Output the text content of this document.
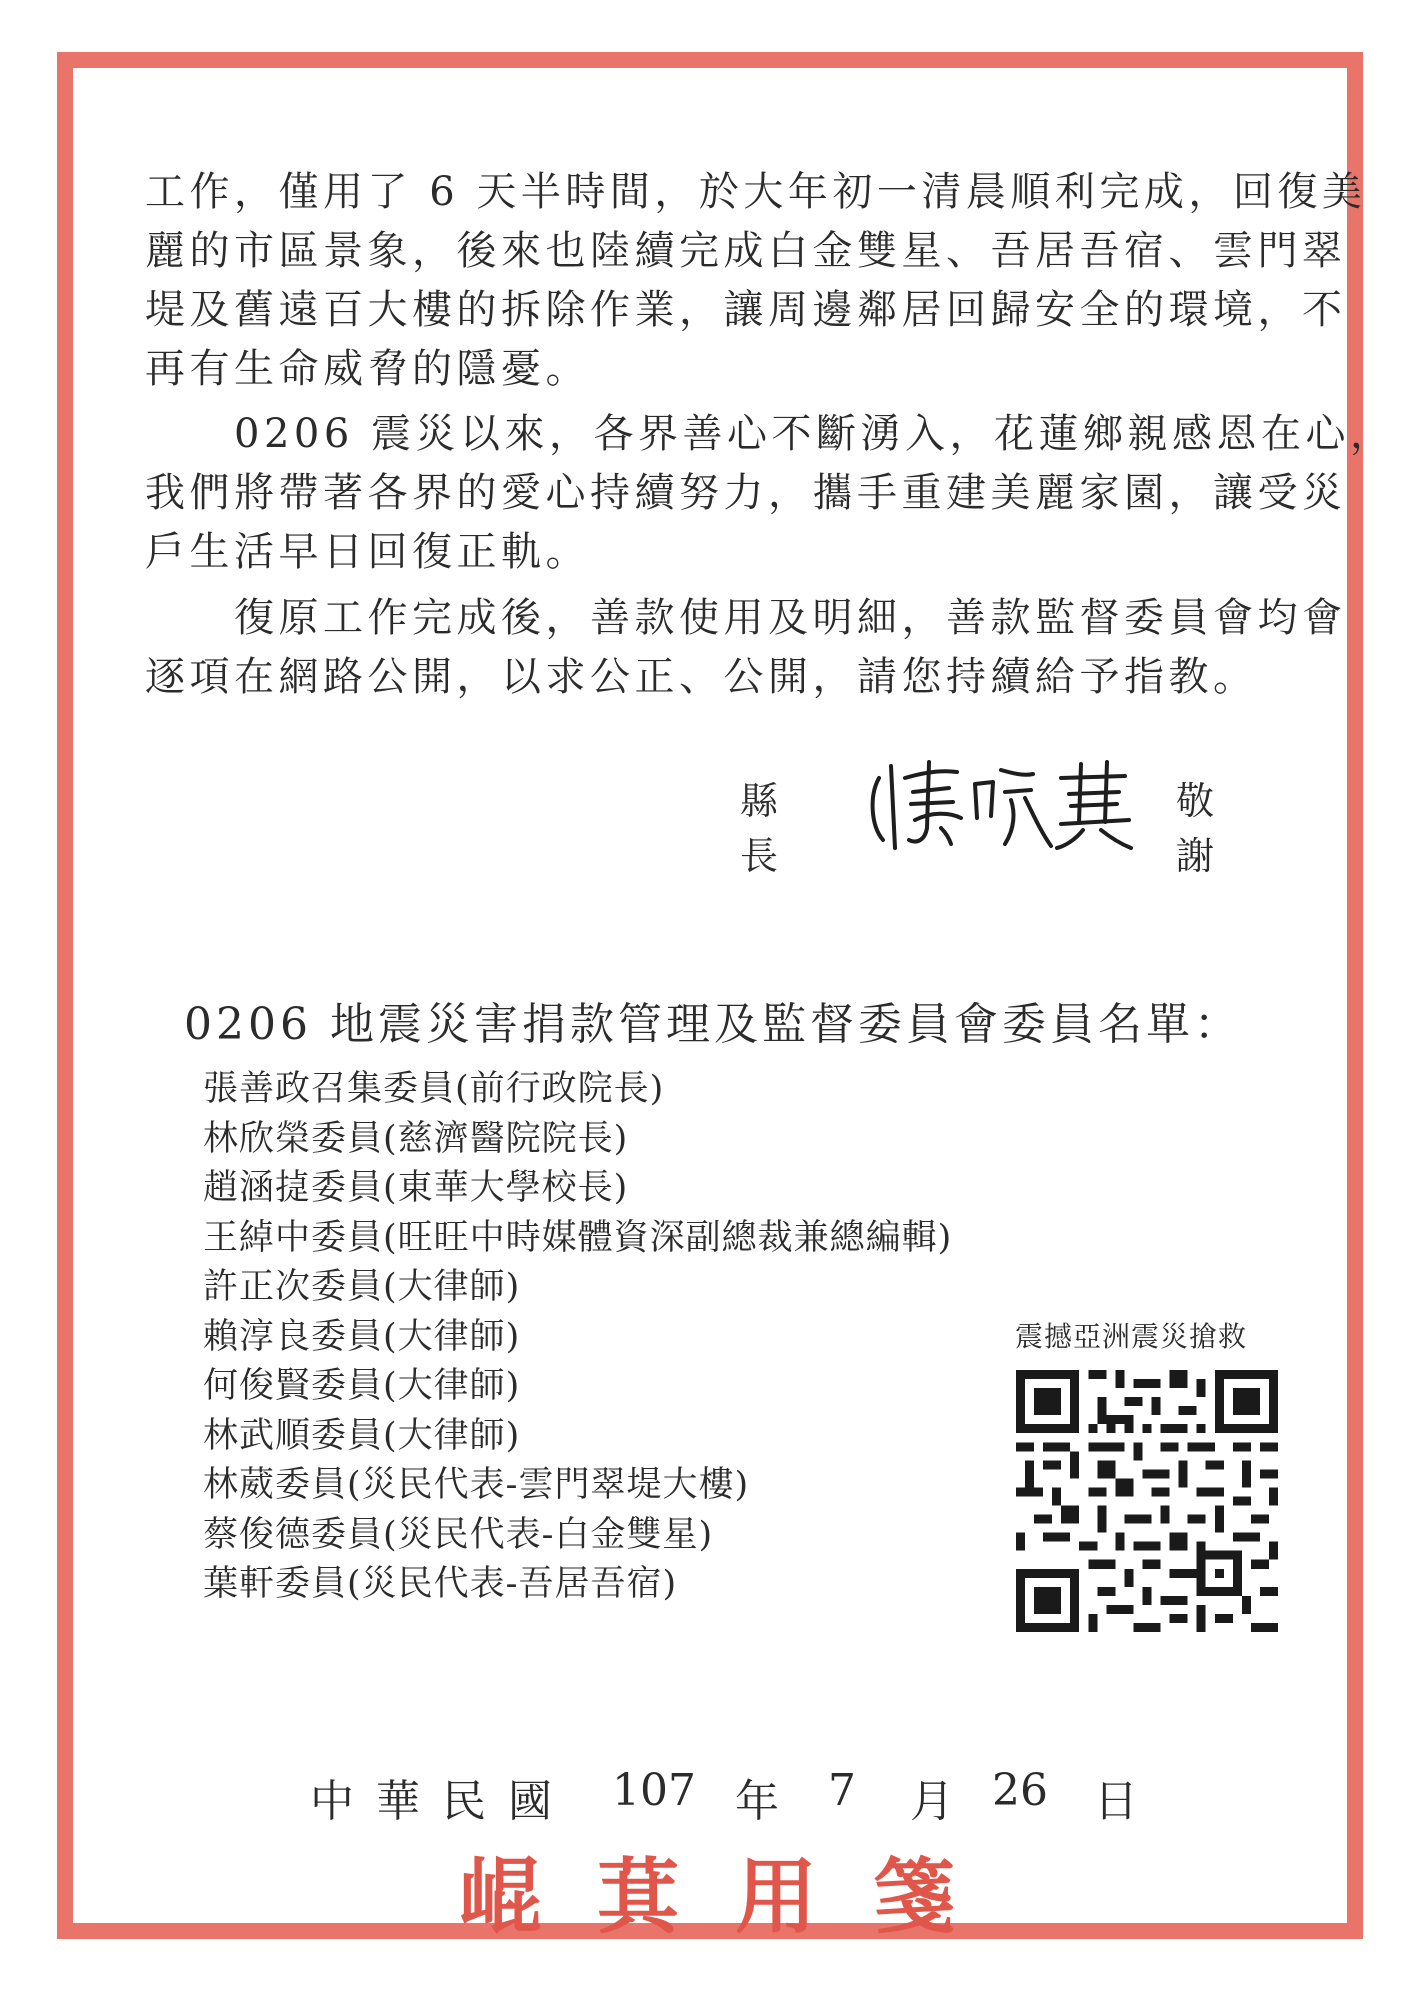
工作，僅用了 6 天半時間，於大年初一清晨順利完成，回復美
麗的市區景象，後來也陸續完成白金雙星、吾居吾宿、雲門翠
堤及舊遠百大樓的拆除作業，讓周邊鄰居回歸安全的環境，不
再有生命威脅的隱憂。
　　0206 震災以來，各界善心不斷湧入，花蓮鄉親感恩在心，
我們將帶著各界的愛心持續努力，攜手重建美麗家園，讓受災
戶生活早日回復正軌。
　　復原工作完成後，善款使用及明細，善款監督委員會均會
逐項在網路公開，以求公正、公開，請您持續給予指教。
縣長
敬謝
0206 地震災害捐款管理及監督委員會委員名單：
張善政召集委員(前行政院長)
林欣榮委員(慈濟醫院院長)
趙涵㨗委員(東華大學校長)
王綽中委員(旺旺中時媒體資深副總裁兼總編輯)
許正次委員(大律師)
賴淳良委員(大律師)
何俊賢委員(大律師)
林武順委員(大律師)
林葳委員(災民代表-雲門翠堤大樓)
蔡俊德委員(災民代表-白金雙星)
葉軒委員(災民代表-吾居吾宿)
震撼亞洲震災搶救
中 華 民 國 107 年 7 月 26 日
崐萁用箋
